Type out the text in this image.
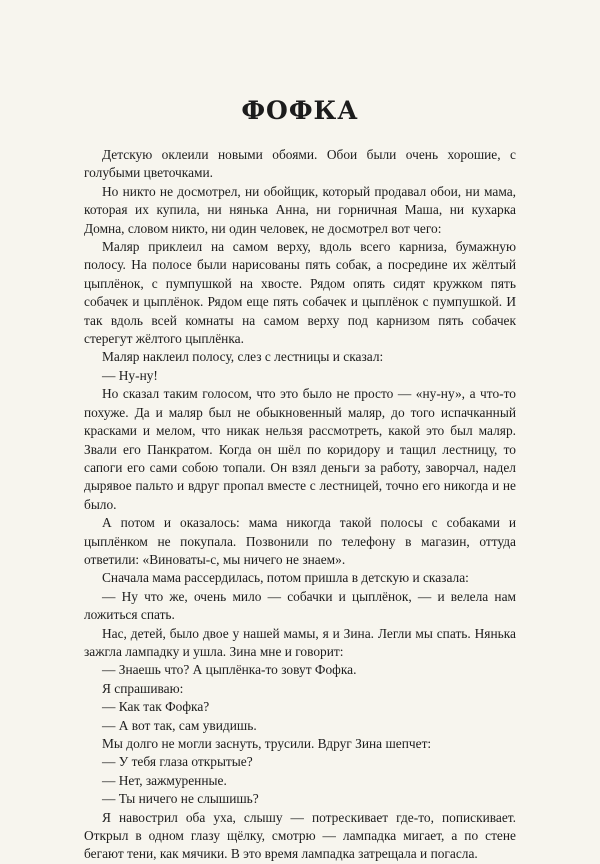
ФОФКА

Детскую оклеили новыми обоями. Обои были очень хорошие, с голубыми цветочками.

Но никто не досмотрел, ни обойщик, который продавал обои, ни мама, которая их купила, ни нянька Анна, ни горничная Маша, ни кухарка Домна, словом никто, ни один человек, не досмотрел вот чего:

Маляр приклеил на самом верху, вдоль всего карниза, бумажную полосу. На полосе были нарисованы пять собак, а посредине их жёлтый цыплёнок, с пумпушкой на хвосте. Рядом опять сидят кружком пять собачек и цыплёнок. Рядом еще пять собачек и цыплёнок с пумпушкой. И так вдоль всей комнаты на самом верху под карнизом пять собачек стерегут жёлтого цыплёнка.

Маляр наклеил полосу, слез с лестницы и сказал:

— Ну-ну!

Но сказал таким голосом, что это было не просто — «ну-ну», а что-то похуже. Да и маляр был не обыкновенный маляр, до того испачканный красками и мелом, что никак нельзя рассмотреть, какой это был маляр. Звали его Панкратом. Когда он шёл по коридору и тащил лестницу, то сапоги его сами собою топали. Он взял деньги за работу, заворчал, надел дырявое пальто и вдруг пропал вместе с лестницей, точно его никогда и не было.

А потом и оказалось: мама никогда такой полосы с собаками и цыплёнком не покупала. Позвонили по телефону в магазин, оттуда ответили: «Виноваты-с, мы ничего не знаем».

Сначала мама рассердилась, потом пришла в детскую и сказала:

— Ну что же, очень мило — собачки и цыплёнок, — и велела нам ложиться спать.

Нас, детей, было двое у нашей мамы, я и Зина. Легли мы спать. Нянька зажгла лампадку и ушла. Зина мне и говорит:

— Знаешь что? А цыплёнка-то зовут Фофка.

Я спрашиваю:

— Как так Фофка?

— А вот так, сам увидишь.

Мы долго не могли заснуть, трусили. Вдруг Зина шепчет:

— У тебя глаза открытые?

— Нет, зажмуренные.

— Ты ничего не слышишь?

Я навострил оба уха, слышу — потрескивает где-то, попискивает. Открыл в одном глазу щёлку, смотрю — лампадка мигает, а по стене бегают тени, как мячики. В это время лампадка затрещала и погасла.
